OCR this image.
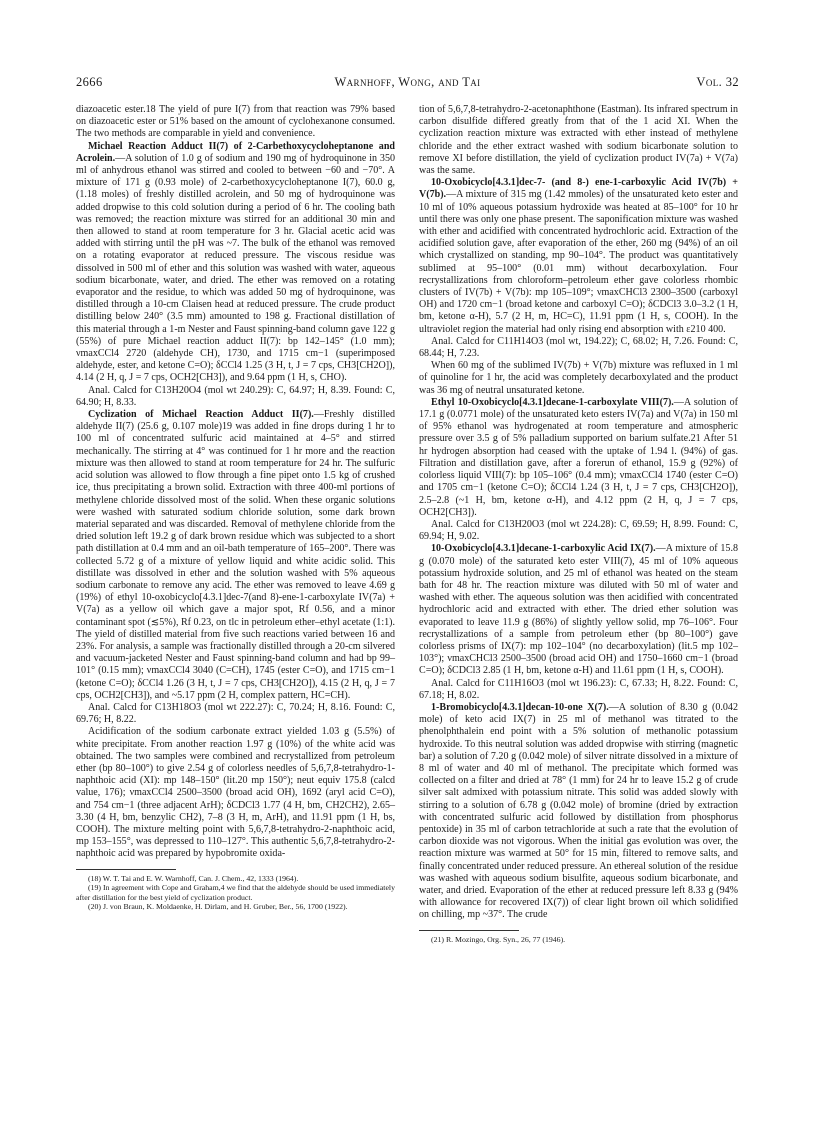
2666	Warnhoff, Wong, and Tai	Vol. 32

diazoacetic ester.18 The yield of pure I(7) from that reaction was 79% based on diazoacetic ester or 51% based on the amount of cyclohexanone consumed. The two methods are comparable in yield and convenience.

Michael Reaction Adduct II(7) of 2-Carbethoxycycloheptanone and Acrolein.—A solution of 1.0 g of sodium and 190 mg of hydroquinone in 350 ml of anhydrous ethanol was stirred and cooled to between −60 and −70°. A mixture of 171 g (0.93 mole) of 2-carbethoxycycloheptanone I(7), 60.0 g, (1.18 moles) of freshly distilled acrolein, and 50 mg of hydroquinone was added dropwise to this cold solution during a period of 6 hr. The cooling bath was removed; the reaction mixture was stirred for an additional 30 min and then allowed to stand at room temperature for 3 hr. Glacial acetic acid was added with stirring until the pH was ~7. The bulk of the ethanol was removed on a rotating evaporator at reduced pressure. The viscous residue was dissolved in 500 ml of ether and this solution was washed with water, aqueous sodium bicarbonate, water, and dried. The ether was removed on a rotating evaporator and the residue, to which was added 50 mg of hydroquinone, was distilled through a 10-cm Claisen head at reduced pressure. The crude product distilling below 240° (3.5 mm) amounted to 198 g. Fractional distillation of this material through a 1-m Nester and Faust spinning-band column gave 122 g (55%) of pure Michael reaction adduct II(7): bp 142–145° (1.0 mm); νmaxCCl4 2720 (aldehyde CH), 1730, and 1715 cm−1 (superimposed aldehyde, ester, and ketone C=O); δCCl4 1.25 (3 H, t, J = 7 cps, CH3[CH2O]), 4.14 (2 H, q, J = 7 cps, OCH2[CH3]), and 9.64 ppm (1 H, s, CHO).

Anal. Calcd for C13H20O4 (mol wt 240.29): C, 64.97; H, 8.39. Found: C, 64.90; H, 8.33.

Cyclization of Michael Reaction Adduct II(7).—Freshly distilled aldehyde II(7) (25.6 g, 0.107 mole)19 was added in fine drops during 1 hr to 100 ml of concentrated sulfuric acid maintained at 4–5° and stirred mechanically. The stirring at 4° was continued for 1 hr more and the reaction mixture was then allowed to stand at room temperature for 24 hr. The sulfuric acid solution was allowed to flow through a fine pipet onto 1.5 kg of crushed ice, thus precipitating a brown solid. Extraction with three 400-ml portions of methylene chloride dissolved most of the solid. When these organic solutions were washed with saturated sodium chloride solution, some dark brown material separated and was discarded. Removal of methylene chloride from the dried solution left 19.2 g of dark brown residue which was subjected to a short path distillation at 0.4 mm and an oil-bath temperature of 165–200°. There was collected 5.72 g of a mixture of yellow liquid and white acidic solid. This distillate was dissolved in ether and the solution washed with 5% aqueous sodium carbonate to remove any acid. The ether was removed to leave 4.69 g (19%) of ethyl 10-oxobicyclo[4.3.1]dec-7(and 8)-ene-1-carboxylate IV(7a) + V(7a) as a yellow oil which gave a major spot, Rf 0.56, and a minor contaminant spot (≲5%), Rf 0.23, on tlc in petroleum ether–ethyl acetate (1:1). The yield of distilled material from five such reactions varied between 16 and 23%. For analysis, a sample was fractionally distilled through a 20-cm silvered and vacuum-jacketed Nester and Faust spinning-band column and had bp 99–101° (0.15 mm); νmaxCCl4 3040 (C=CH), 1745 (ester C=O), and 1715 cm−1 (ketone C=O); δCCl4 1.26 (3 H, t, J = 7 cps, CH3[CH2O]), 4.15 (2 H, q, J = 7 cps, OCH2[CH3]), and ~5.17 ppm (2 H, complex pattern, HC=CH).

Anal. Calcd for C13H18O3 (mol wt 222.27): C, 70.24; H, 8.16. Found: C, 69.76; H, 8.22.

Acidification of the sodium carbonate extract yielded 1.03 g (5.5%) of white precipitate. From another reaction 1.97 g (10%) of the white acid was obtained. The two samples were combined and recrystallized from petroleum ether (bp 80–100°) to give 2.54 g of colorless needles of 5,6,7,8-tetrahydro-1-naphthoic acid (XI): mp 148–150° (lit.20 mp 150°); neut equiv 175.8 (calcd value, 176); νmaxCCl4 2500–3500 (broad acid OH), 1692 (aryl acid C=O), and 754 cm−1 (three adjacent ArH); δCDCl3 1.77 (4 H, bm, CH2CH2), 2.65–3.30 (4 H, bm, benzylic CH2), 7–8 (3 H, m, ArH), and 11.91 ppm (1 H, bs, COOH). The mixture melting point with 5,6,7,8-tetrahydro-2-naphthoic acid, mp 153–155°, was depressed to 110–127°. This authentic 5,6,7,8-tetrahydro-2-naphthoic acid was prepared by hypobromite oxida-

(18) W. T. Tai and E. W. Warnhoff, Can. J. Chem., 42, 1333 (1964).

(19) In agreement with Cope and Graham,4 we find that the aldehyde should be used immediately after distillation for the best yield of cyclization product.

(20) J. von Braun, K. Moldaenke, H. Dirlam, and H. Gruber, Ber., 56, 1700 (1922).

tion of 5,6,7,8-tetrahydro-2-acetonaphthone (Eastman). Its infrared spectrum in carbon disulfide differed greatly from that of the 1 acid XI. When the cyclization reaction mixture was extracted with ether instead of methylene chloride and the ether extract washed with sodium bicarbonate solution to remove XI before distillation, the yield of cyclization product IV(7a) + V(7a) was the same.

10-Oxobicyclo[4.3.1]dec-7- (and 8-) ene-1-carboxylic Acid IV(7b) + V(7b).—A mixture of 315 mg (1.42 mmoles) of the unsaturated keto ester and 10 ml of 10% aqueous potassium hydroxide was heated at 85–100° for 10 hr until there was only one phase present. The saponification mixture was washed with ether and acidified with concentrated hydrochloric acid. Extraction of the acidified solution gave, after evaporation of the ether, 260 mg (94%) of an oil which crystallized on standing, mp 90–104°. The product was quantitatively sublimed at 95–100° (0.01 mm) without decarboxylation. Four recrystallizations from chloroform–petroleum ether gave colorless rhombic clusters of IV(7b) + V(7b): mp 105–109°; νmaxCHCl3 2300–3500 (carboxyl OH) and 1720 cm−1 (broad ketone and carboxyl C=O); δCDCl3 3.0–3.2 (1 H, bm, ketone α-H), 5.7 (2 H, m, HC=C), 11.91 ppm (1 H, s, COOH). In the ultraviolet region the material had only rising end absorption with ε210 400.

Anal. Calcd for C11H14O3 (mol wt, 194.22); C, 68.02; H, 7.26. Found: C, 68.44; H, 7.23.

When 60 mg of the sublimed IV(7b) + V(7b) mixture was refluxed in 1 ml of quinoline for 1 hr, the acid was completely decarboxylated and the product was 36 mg of neutral unsaturated ketone.

Ethyl 10-Oxobicyclo[4.3.1]decane-1-carboxylate VIII(7).—A solution of 17.1 g (0.0771 mole) of the unsaturated keto esters IV(7a) and V(7a) in 150 ml of 95% ethanol was hydrogenated at room temperature and atmospheric pressure over 3.5 g of 5% palladium supported on barium sulfate.21 After 51 hr hydrogen absorption had ceased with the uptake of 1.94 l. (94%) of gas. Filtration and distillation gave, after a forerun of ethanol, 15.9 g (92%) of colorless liquid VIII(7): bp 105–106° (0.4 mm); νmaxCCl4 1740 (ester C=O) and 1705 cm−1 (ketone C=O); δCCl4 1.24 (3 H, t, J = 7 cps, CH3[CH2O]), 2.5–2.8 (~1 H, bm, ketone α-H), and 4.12 ppm (2 H, q, J = 7 cps, OCH2[CH3]).

Anal. Calcd for C13H20O3 (mol wt 224.28): C, 69.59; H, 8.99. Found: C, 69.94; H, 9.02.

10-Oxobicyclo[4.3.1]decane-1-carboxylic Acid IX(7).—A mixture of 15.8 g (0.070 mole) of the saturated keto ester VIII(7), 45 ml of 10% aqueous potassium hydroxide solution, and 25 ml of ethanol was heated on the steam bath for 48 hr. The reaction mixture was diluted with 50 ml of water and washed with ether. The aqueous solution was then acidified with concentrated hydrochloric acid and extracted with ether. The dried ether solution was evaporated to leave 11.9 g (86%) of slightly yellow solid, mp 76–106°. Four recrystallizations of a sample from petroleum ether (bp 80–100°) gave colorless prisms of IX(7): mp 102–104° (no decarboxylation) (lit.5 mp 102–103°); νmaxCHCl3 2500–3500 (broad acid OH) and 1750–1660 cm−1 (broad C=O); δCDCl3 2.85 (1 H, bm, ketone α-H) and 11.61 ppm (1 H, s, COOH).

Anal. Calcd for C11H16O3 (mol wt 196.23): C, 67.33; H, 8.22. Found: C, 67.18; H, 8.02.

1-Bromobicyclo[4.3.1]decan-10-one X(7).—A solution of 8.30 g (0.042 mole) of keto acid IX(7) in 25 ml of methanol was titrated to the phenolphthalein end point with a 5% solution of methanolic potassium hydroxide. To this neutral solution was added dropwise with stirring (magnetic bar) a solution of 7.20 g (0.042 mole) of silver nitrate dissolved in a mixture of 8 ml of water and 40 ml of methanol. The precipitate which formed was collected on a filter and dried at 78° (1 mm) for 24 hr to leave 15.2 g of crude silver salt admixed with potassium nitrate. This solid was added slowly with stirring to a solution of 6.78 g (0.042 mole) of bromine (dried by extraction with concentrated sulfuric acid followed by distillation from phosphorus pentoxide) in 35 ml of carbon tetrachloride at such a rate that the evolution of carbon dioxide was not vigorous. When the initial gas evolution was over, the reaction mixture was warmed at 50° for 15 min, filtered to remove salts, and finally concentrated under reduced pressure. An ethereal solution of the residue was washed with aqueous sodium bisulfite, aqueous sodium bicarbonate, and water, and dried. Evaporation of the ether at reduced pressure left 8.33 g (94% with allowance for recovered IX(7)) of clear light brown oil which solidified on chilling, mp ~37°. The crude

(21) R. Mozingo, Org. Syn., 26, 77 (1946).
